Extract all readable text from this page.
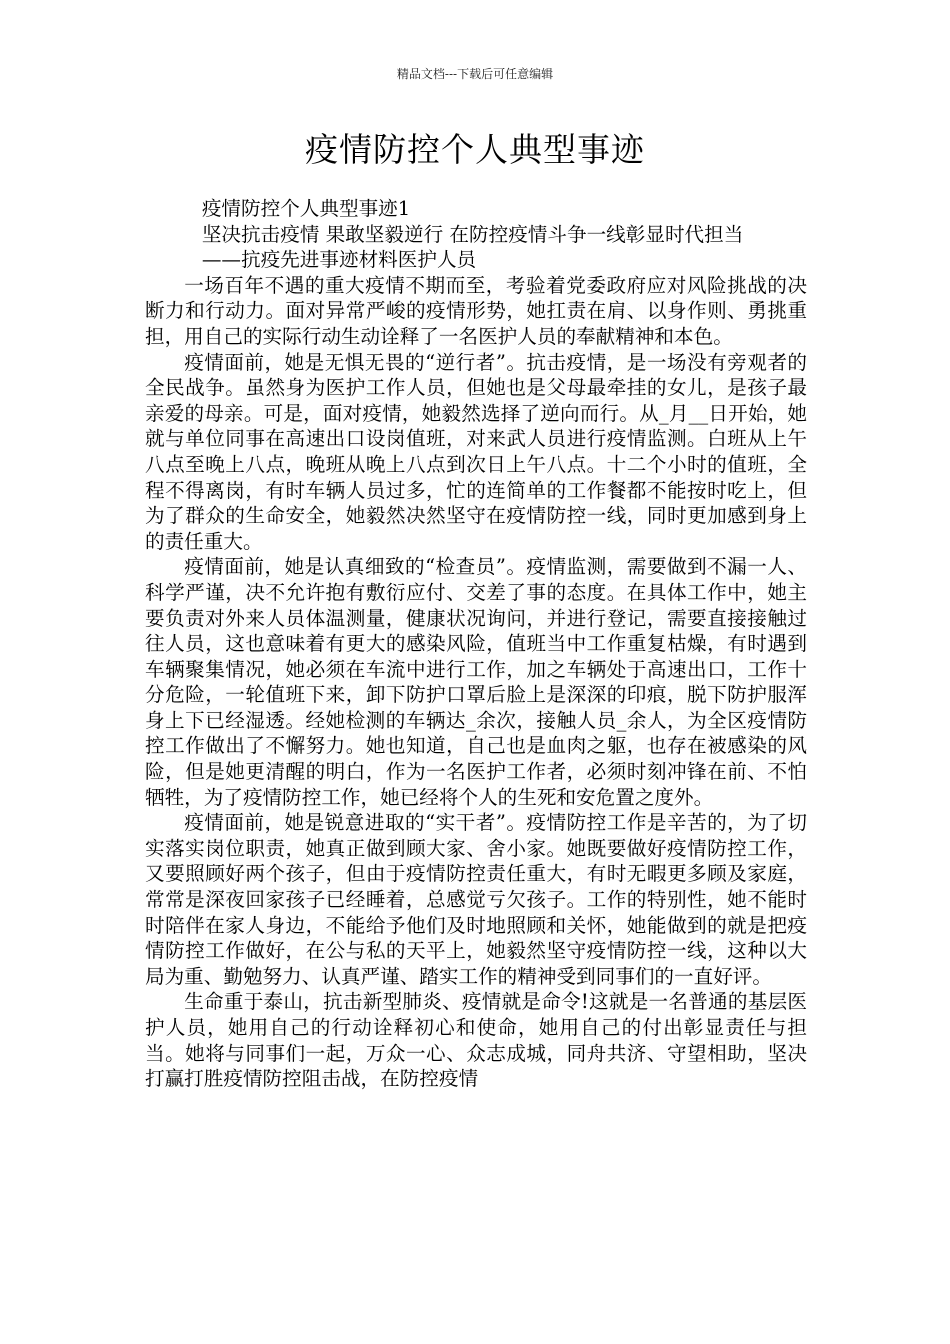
精品文档---下载后可任意编辑
疫情防控个人典型事迹

疫情防控个人典型事迹1

坚决抗击疫情 果敢坚毅逆行 在防控疫情斗争一线彰显时代担当

——抗疫先进事迹材料医护人员

一场百年不遇的重大疫情不期而至，考验着党委政府应对风险挑战的决断力和行动力。面对异常严峻的疫情形势，她扛责在肩、以身作则、勇挑重担，用自己的实际行动生动诠释了一名医护人员的奉献精神和本色。

疫情面前，她是无惧无畏的“逆行者”。抗击疫情，是一场没有旁观者的全民战争。虽然身为医护工作人员，但她也是父母最牵挂的女儿，是孩子最亲爱的母亲。可是，面对疫情，她毅然选择了逆向而行。从_月__日开始，她就与单位同事在高速出口设岗值班，对来武人员进行疫情监测。白班从上午八点至晚上八点，晚班从晚上八点到次日上午八点。十二个小时的值班，全程不得离岗，有时车辆人员过多，忙的连简单的工作餐都不能按时吃上，但为了群众的生命安全，她毅然决然坚守在疫情防控一线，同时更加感到身上的责任重大。

疫情面前，她是认真细致的“检查员”。疫情监测，需要做到不漏一人、科学严谨，决不允许抱有敷衍应付、交差了事的态度。在具体工作中，她主要负责对外来人员体温测量，健康状况询问，并进行登记，需要直接接触过往人员，这也意味着有更大的感染风险，值班当中工作重复枯燥，有时遇到车辆聚集情况，她必须在车流中进行工作，加之车辆处于高速出口，工作十分危险，一轮值班下来，卸下防护口罩后脸上是深深的印痕，脱下防护服浑身上下已经湿透。经她检测的车辆达_余次，接触人员_余人，为全区疫情防控工作做出了不懈努力。她也知道，自己也是血肉之躯，也存在被感染的风险，但是她更清醒的明白，作为一名医护工作者，必须时刻冲锋在前、不怕牺牲，为了疫情防控工作，她已经将个人的生死和安危置之度外。

疫情面前，她是锐意进取的“实干者”。疫情防控工作是辛苦的，为了切实落实岗位职责，她真正做到顾大家、舍小家。她既要做好疫情防控工作，又要照顾好两个孩子，但由于疫情防控责任重大，有时无暇更多顾及家庭，常常是深夜回家孩子已经睡着，总感觉亏欠孩子。工作的特别性，她不能时时陪伴在家人身边，不能给予他们及时地照顾和关怀，她能做到的就是把疫情防控工作做好，在公与私的天平上，她毅然坚守疫情防控一线，这种以大局为重、勤勉努力、认真严谨、踏实工作的精神受到同事们的一直好评。

生命重于泰山，抗击新型肺炎、疫情就是命令!这就是一名普通的基层医护人员，她用自己的行动诠释初心和使命，她用自己的付出彰显责任与担当。她将与同事们一起，万众一心、众志成城，同舟共济、守望相助，坚决打赢打胜疫情防控阻击战，在防控疫情
